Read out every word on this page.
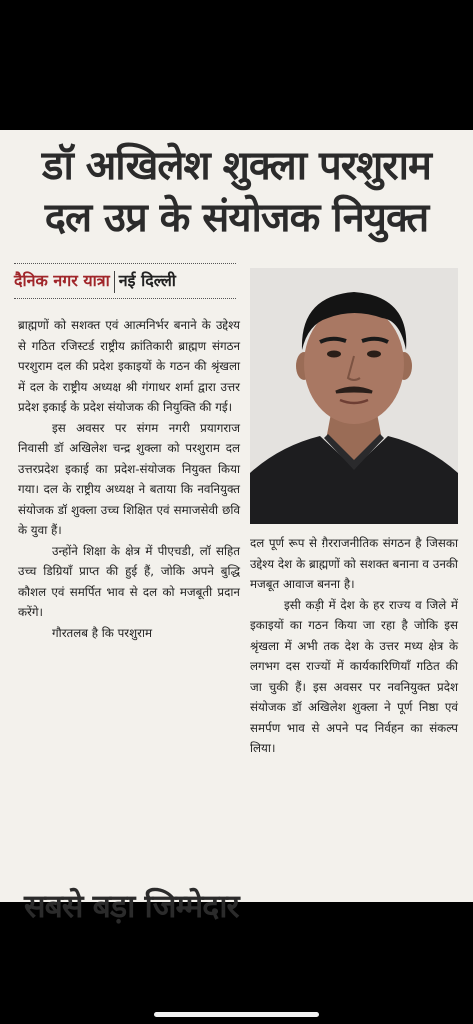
डॉ अखिलेश शुक्ला परशुराम
दल उप्र के संयोजक नियुक्त
दैनिक नगर यात्रा नई दिल्ली

ब्राह्मणों को सशक्त एवं आत्मनिर्भर बनाने के उद्देश्य से गठित रजिस्टर्ड राष्ट्रीय क्रांतिकारी ब्राह्मण संगठन परशुराम दल की प्रदेश इकाइयों के गठन की श्रृंखला में दल के राष्ट्रीय अध्यक्ष श्री गंगाधर शर्मा द्वारा उत्तर प्रदेश इकाई के प्रदेश संयोजक की नियुक्ति की गई।

इस अवसर पर संगम नगरी प्रयागराज निवासी डॉ अखिलेश चन्द्र शुक्ला को परशुराम दल उत्तरप्रदेश इकाई का प्रदेश-संयोजक नियुक्त किया गया। दल के राष्ट्रीय अध्यक्ष ने बताया कि नवनियुक्त संयोजक डॉ शुक्ला उच्च शिक्षित एवं समाजसेवी छवि के युवा हैं।

उन्होंने शिक्षा के क्षेत्र में पीएचडी, लॉ सहित उच्च डिग्रियाँ प्राप्त की हुई हैं, जोकि अपने बुद्धि कौशल एवं समर्पित भाव से दल को मजबूती प्रदान करेंगे।

गौरतलब है कि परशुराम

दल पूर्ण रूप से ग़ैरराजनीतिक संगठन है जिसका उद्देश्य देश के ब्राह्मणों को सशक्त बनाना व उनकी मजबूत आवाज बनना है।

इसी कड़ी में देश के हर राज्य व जिले में इकाइयों का गठन किया जा रहा है जोकि इस श्रृंखला में अभी तक देश के उत्तर मध्य क्षेत्र के लगभग दस राज्यों में कार्यकारिणियाँ गठित की जा चुकी हैं। इस अवसर पर नवनियुक्त प्रदेश संयोजक डॉ अखिलेश शुक्ला ने पूर्ण निष्ठा एवं समर्पण भाव से अपने पद निर्वहन का संकल्प लिया।

सबसे बड़ा जिम्मेदार
